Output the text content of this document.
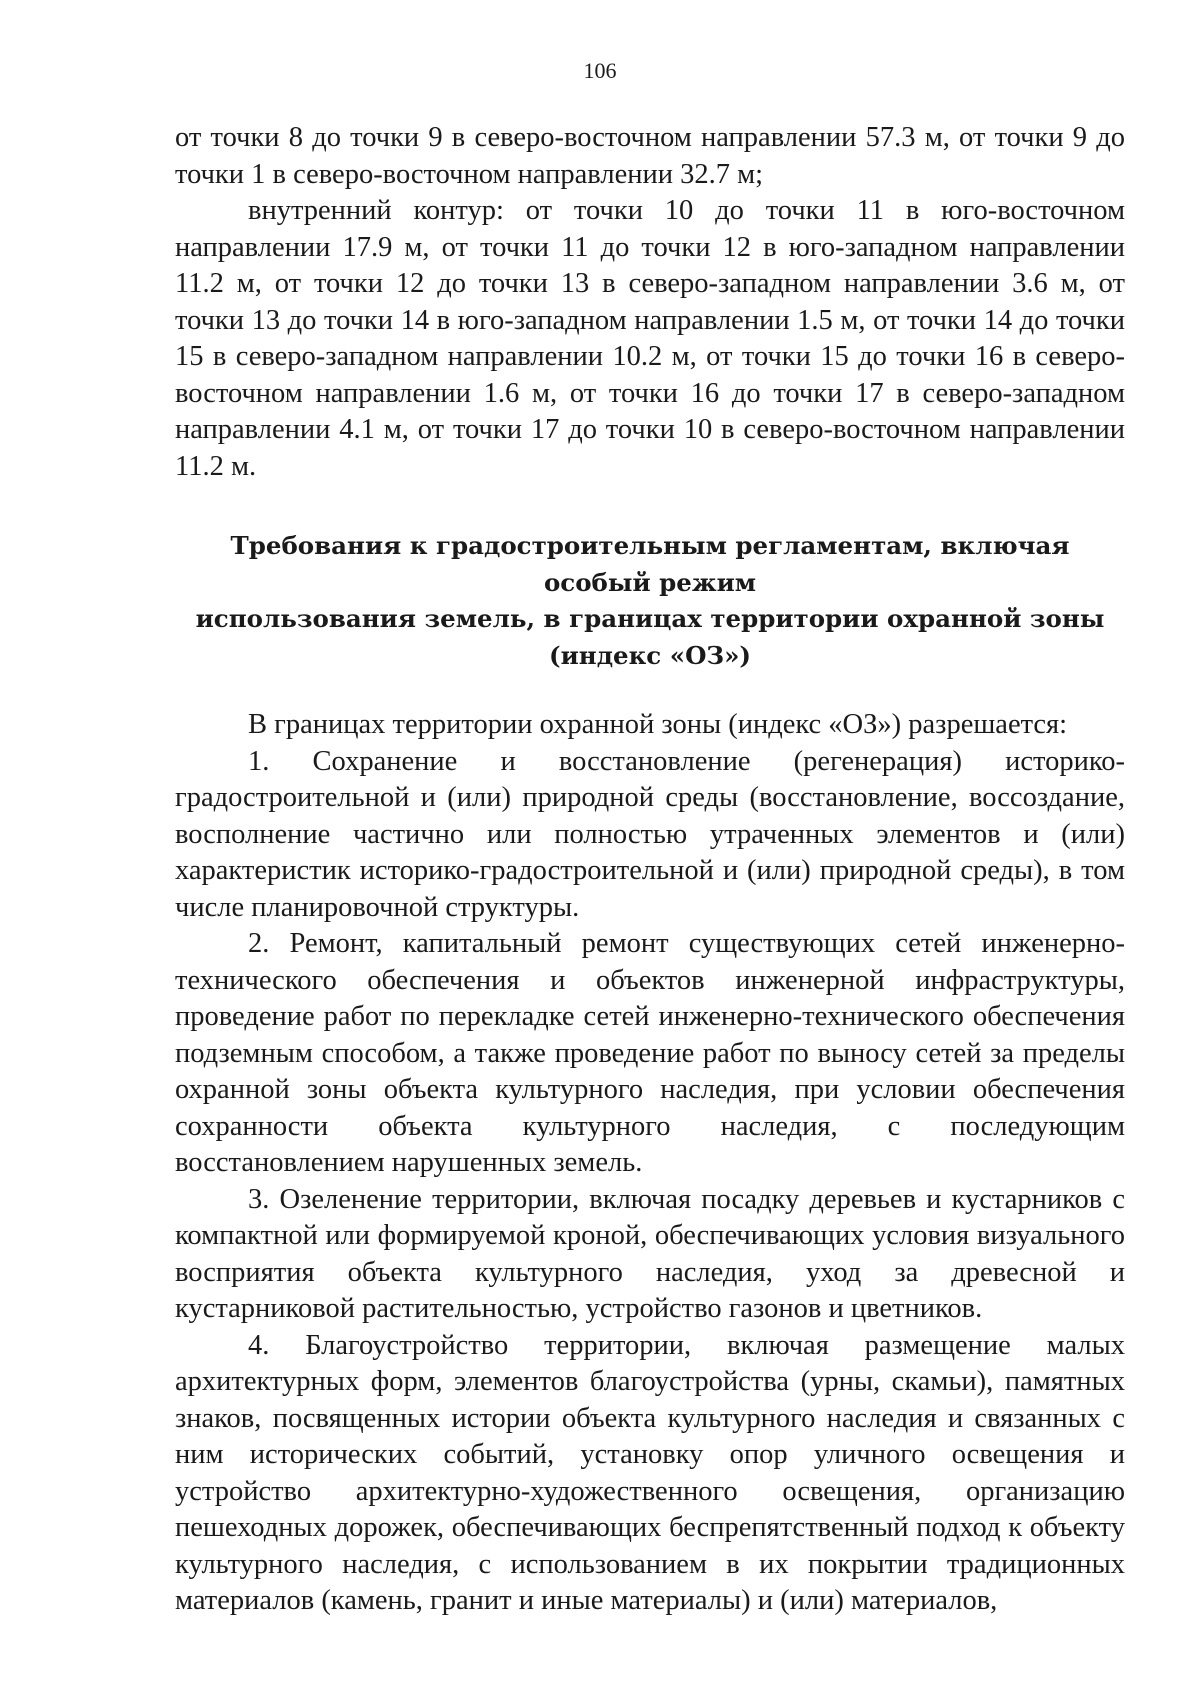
106

от точки 8 до точки 9 в северо-восточном направлении 57.3 м, от точки 9 до точки 1 в северо-восточном направлении 32.7 м;

внутренний контур: от точки 10 до точки 11 в юго-восточном направлении 17.9 м, от точки 11 до точки 12 в юго-западном направлении 11.2 м, от точки 12 до точки 13 в северо-западном направлении 3.6 м, от точки 13 до точки 14 в юго-западном направлении 1.5 м, от точки 14 до точки 15 в северо-западном направлении 10.2 м, от точки 15 до точки 16 в северо-восточном направлении 1.6 м, от точки 16 до точки 17 в северо-западном направлении 4.1 м, от точки 17 до точки 10 в северо-восточном направлении 11.2 м.

Требования к градостроительным регламентам, включая особый режим
использования земель, в границах территории охранной зоны
(индекс «ОЗ»)

В границах территории охранной зоны (индекс «ОЗ») разрешается:

1. Сохранение и восстановление (регенерация) историко-градостроительной и (или) природной среды (восстановление, воссоздание, восполнение частично или полностью утраченных элементов и (или) характеристик историко-градостроительной и (или) природной среды), в том числе планировочной структуры.

2. Ремонт, капитальный ремонт существующих сетей инженерно-технического обеспечения и объектов инженерной инфраструктуры, проведение работ по перекладке сетей инженерно-технического обеспечения подземным способом, а также проведение работ по выносу сетей за пределы охранной зоны объекта культурного наследия, при условии обеспечения сохранности объекта культурного наследия, с последующим восстановлением нарушенных земель.

3. Озеленение территории, включая посадку деревьев и кустарников с компактной или формируемой кроной, обеспечивающих условия визуального восприятия объекта культурного наследия, уход за древесной и кустарниковой растительностью, устройство газонов и цветников.

4. Благоустройство территории, включая размещение малых архитектурных форм, элементов благоустройства (урны, скамьи), памятных знаков, посвященных истории объекта культурного наследия и связанных с ним исторических событий, установку опор уличного освещения и устройство архитектурно-художественного освещения, организацию пешеходных дорожек, обеспечивающих беспрепятственный подход к объекту культурного наследия, с использованием в их покрытии традиционных материалов (камень, гранит и иные материалы) и (или) материалов,
